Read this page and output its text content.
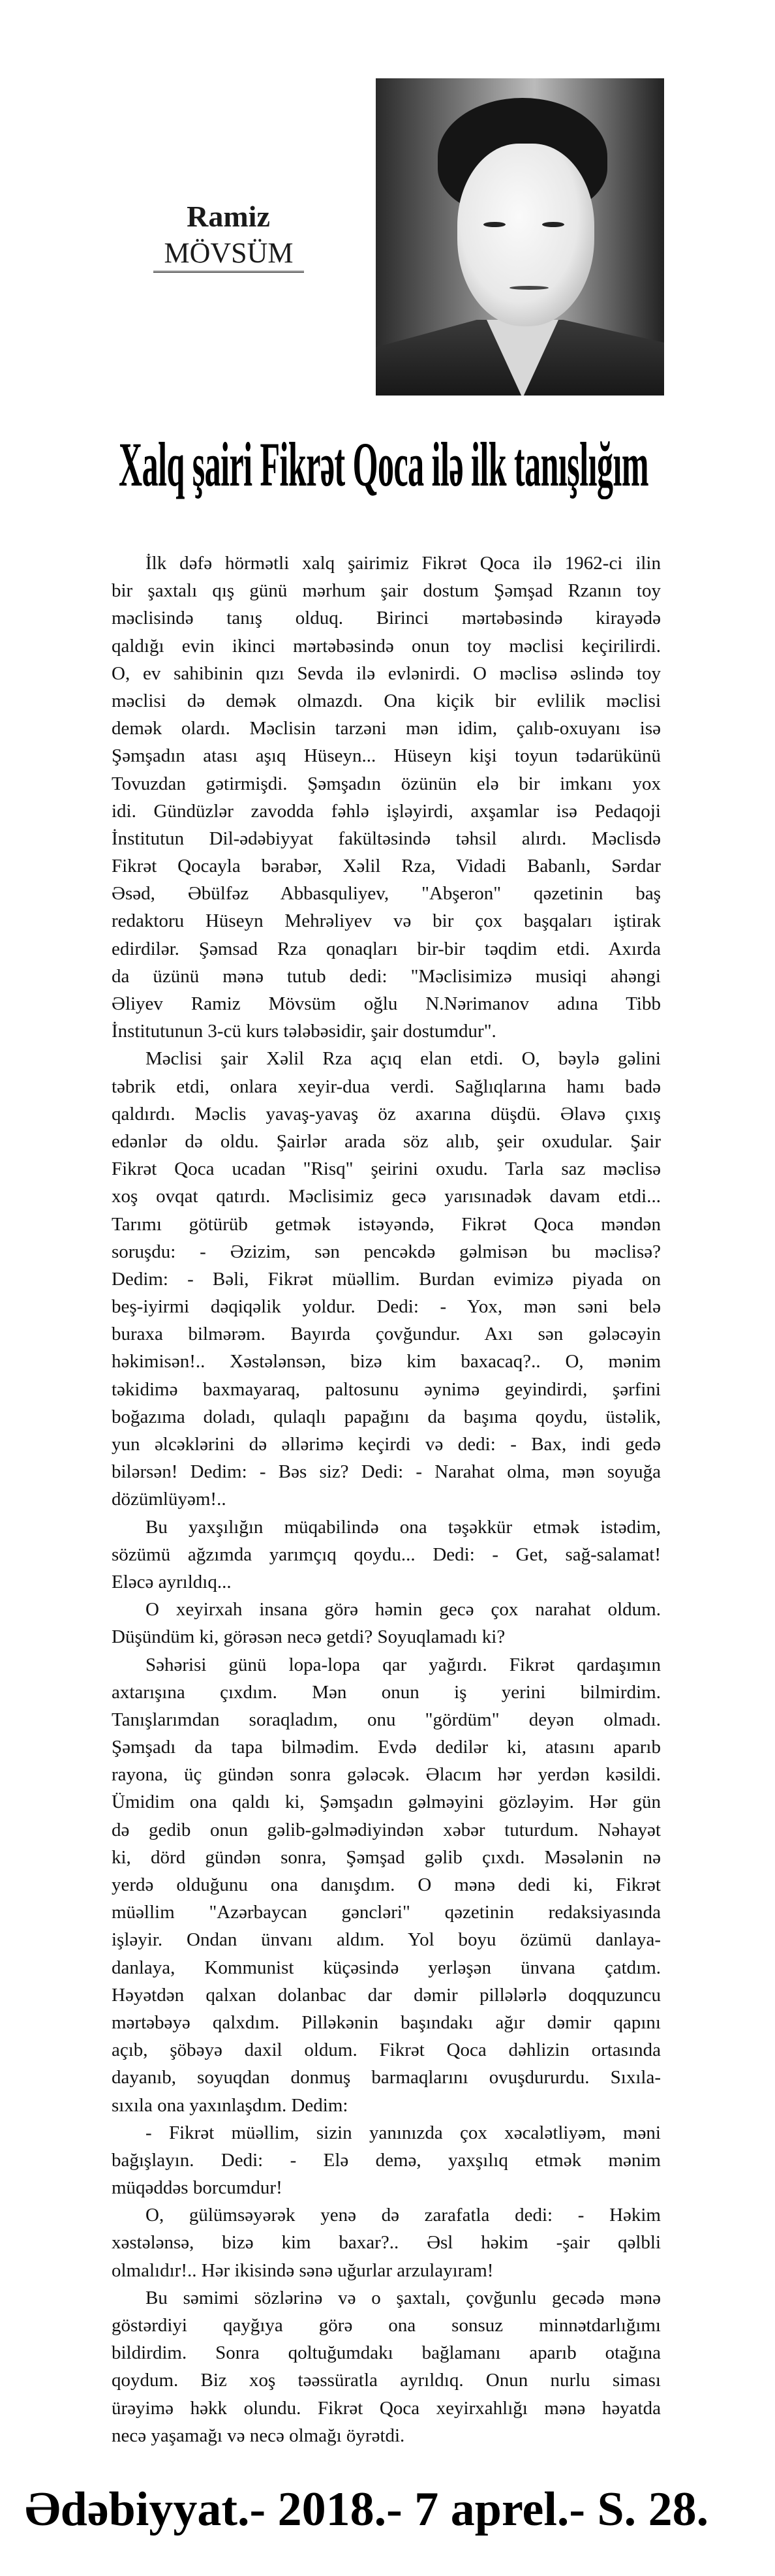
Ramiz
MÖVSÜM
Xalq şairi Fikrət Qoca ilə ilk tanışlığım
İlk dəfə hörmətli xalq şairimiz Fikrət Qoca ilə 1962-ci ilin
bir şaxtalı qış günü mərhum şair dostum Şəmşad Rzanın toy
məclisində tanış olduq. Birinci mərtəbəsində kirayədə
qaldığı evin ikinci mərtəbəsində onun toy məclisi keçirilirdi.
O, ev sahibinin qızı Sevda ilə evlənirdi. O məclisə əslində toy
məclisi də demək olmazdı. Ona kiçik bir evlilik məclisi
demək olardı. Məclisin tarzəni mən idim, çalıb-oxuyanı isə
Şəmşadın atası aşıq Hüseyn... Hüseyn kişi toyun tədarükünü
Tovuzdan gətirmişdi. Şəmşadın özünün elə bir imkanı yox
idi. Gündüzlər zavodda fəhlə işləyirdi, axşamlar isə Pedaqoji
İnstitutun Dil-ədəbiyyat fakültəsində təhsil alırdı. Məclisdə
Fikrət Qocayla bərabər, Xəlil Rza, Vidadi Babanlı, Sərdar
Əsəd, Əbülfəz Abbasquliyev, "Abşeron" qəzetinin baş
redaktoru Hüseyn Mehrəliyev və bir çox başqaları iştirak
edirdilər. Şəmsad Rza qonaqları bir-bir təqdim etdi. Axırda
da üzünü mənə tutub dedi: "Məclisimizə musiqi ahəngi
Əliyev Ramiz Mövsüm oğlu N.Nərimanov adına Tibb
İnstitutunun 3-cü kurs tələbəsidir, şair dostumdur".
Məclisi şair Xəlil Rza açıq elan etdi. O, bəylə gəlini
təbrik etdi, onlara xeyir-dua verdi. Sağlıqlarına hamı badə
qaldırdı. Məclis yavaş-yavaş öz axarına düşdü. Əlavə çıxış
edənlər də oldu. Şairlər arada söz alıb, şeir oxudular. Şair
Fikrət Qoca ucadan "Risq" şeirini oxudu. Tarla saz məclisə
xoş ovqat qatırdı. Məclisimiz gecə yarısınadək davam etdi...
Tarımı götürüb getmək istəyəndə, Fikrət Qoca məndən
soruşdu: - Əzizim, sən pencəkdə gəlmisən bu məclisə?
Dedim: - Bəli, Fikrət müəllim. Burdan evimizə piyada on
beş-iyirmi dəqiqəlik yoldur. Dedi: - Yox, mən səni belə
buraxa bilmərəm. Bayırda çovğundur. Axı sən gələcəyin
həkimisən!.. Xəstələnsən, bizə kim baxacaq?.. O, mənim
təkidimə baxmayaraq, paltosunu əynimə geyindirdi, şərfini
boğazıma doladı, qulaqlı papağını da başıma qoydu, üstəlik,
yun əlcəklərini də əllərimə keçirdi və dedi: - Bax, indi gedə
bilərsən! Dedim: - Bəs siz? Dedi: - Narahat olma, mən soyuğa
dözümlüyəm!..
Bu yaxşılığın müqabilində ona təşəkkür etmək istədim,
sözümü ağzımda yarımçıq qoydu... Dedi: - Get, sağ-salamat!
Eləcə ayrıldıq...
O xeyirxah insana görə həmin gecə çox narahat oldum.
Düşündüm ki, görəsən necə getdi? Soyuqlamadı ki?
Səhərisi günü lopa-lopa qar yağırdı. Fikrət qardaşımın
axtarışına çıxdım. Mən onun iş yerini bilmirdim.
Tanışlarımdan soraqladım, onu "gördüm" deyən olmadı.
Şəmşadı da tapa bilmədim. Evdə dedilər ki, atasını aparıb
rayona, üç gündən sonra gələcək. Əlacım hər yerdən kəsildi.
Ümidim ona qaldı ki, Şəmşadın gəlməyini gözləyim. Hər gün
də gedib onun gəlib-gəlmədiyindən xəbər tuturdum. Nəhayət
ki, dörd gündən sonra, Şəmşad gəlib çıxdı. Məsələnin nə
yerdə olduğunu ona danışdım. O mənə dedi ki, Fikrət
müəllim "Azərbaycan gəncləri" qəzetinin redaksiyasında
işləyir. Ondan ünvanı aldım. Yol boyu özümü danlaya-
danlaya, Kommunist küçəsində yerləşən ünvana çatdım.
Həyətdən qalxan dolanbac dar dəmir pillələrlə doqquzuncu
mərtəbəyə qalxdım. Pilləkənin başındakı ağır dəmir qapını
açıb, şöbəyə daxil oldum. Fikrət Qoca dəhlizin ortasında
dayanıb, soyuqdan donmuş barmaqlarını ovuşdururdu. Sıxıla-
sıxıla ona yaxınlaşdım. Dedim:
- Fikrət müəllim, sizin yanınızda çox xəcalətliyəm, məni
bağışlayın. Dedi: - Elə demə, yaxşılıq etmək mənim
müqəddəs borcumdur!
O, gülümsəyərək yenə də zarafatla dedi: - Həkim
xəstələnsə, bizə kim baxar?.. Əsl həkim -şair qəlbli
olmalıdır!.. Hər ikisində sənə uğurlar arzulayıram!
Bu səmimi sözlərinə və o şaxtalı, çovğunlu gecədə mənə
göstərdiyi qayğıya görə ona sonsuz minnətdarlığımı
bildirdim. Sonra qoltuğumdakı bağlamanı aparıb otağına
qoydum. Biz xoş təəssüratla ayrıldıq. Onun nurlu siması
ürəyimə həkk olundu. Fikrət Qoca xeyirxahlığı mənə həyatda
necə yaşamağı və necə olmağı öyrətdi.
Ədəbiyyat.- 2018.- 7 aprel.- S. 28.
